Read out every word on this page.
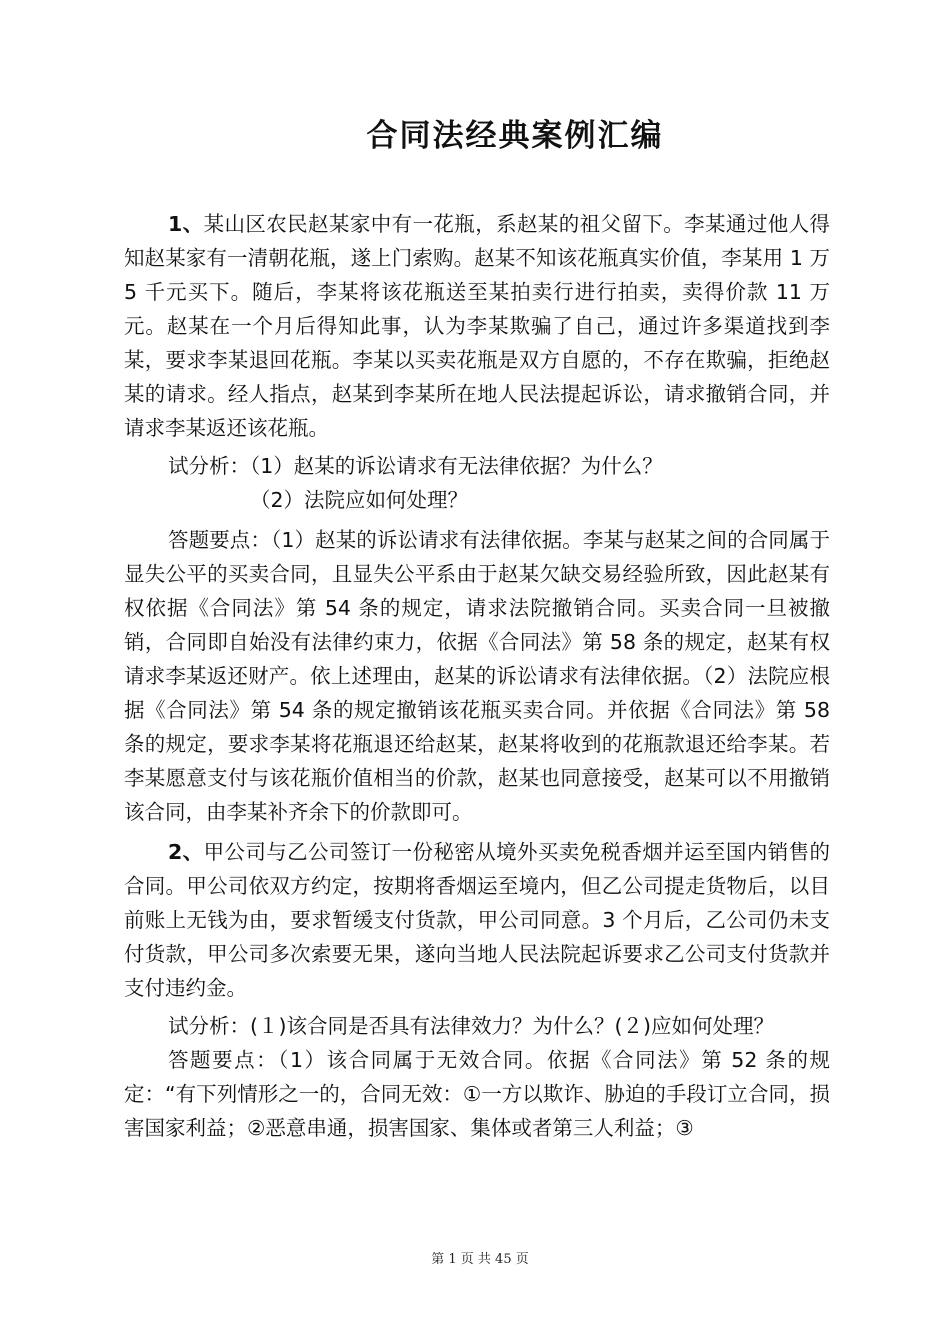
合同法经典案例汇编

1、某山区农民赵某家中有一花瓶，系赵某的祖父留下。李某通过他人得知赵某家有一清朝花瓶，遂上门索购。赵某不知该花瓶真实价值，李某用 1 万 5 千元买下。随后，李某将该花瓶送至某拍卖行进行拍卖，卖得价款 11 万元。赵某在一个月后得知此事，认为李某欺骗了自己，通过许多渠道找到李某，要求李某退回花瓶。李某以买卖花瓶是双方自愿的，不存在欺骗，拒绝赵某的请求。经人指点，赵某到李某所在地人民法提起诉讼，请求撤销合同，并请求李某返还该花瓶。

试分析：（1）赵某的诉讼请求有无法律依据？为什么？

（2）法院应如何处理？

答题要点：（1）赵某的诉讼请求有法律依据。李某与赵某之间的合同属于显失公平的买卖合同，且显失公平系由于赵某欠缺交易经验所致，因此赵某有权依据《合同法》第 54 条的规定，请求法院撤销合同。买卖合同一旦被撤销，合同即自始没有法律约束力，依据《合同法》第 58 条的规定，赵某有权请求李某返还财产。依上述理由，赵某的诉讼请求有法律依据。（2）法院应根据《合同法》第 54 条的规定撤销该花瓶买卖合同。并依据《合同法》第 58 条的规定，要求李某将花瓶退还给赵某，赵某将收到的花瓶款退还给李某。若李某愿意支付与该花瓶价值相当的价款，赵某也同意接受，赵某可以不用撤销该合同，由李某补齐余下的价款即可。

2、甲公司与乙公司签订一份秘密从境外买卖免税香烟并运至国内销售的合同。甲公司依双方约定，按期将香烟运至境内，但乙公司提走货物后，以目前账上无钱为由，要求暂缓支付货款，甲公司同意。3 个月后，乙公司仍未支付货款，甲公司多次索要无果，遂向当地人民法院起诉要求乙公司支付货款并支付违约金。

试分析：(１)该合同是否具有法律效力？为什么？(２)应如何处理？

答题要点：（1）该合同属于无效合同。依据《合同法》第 52 条的规定：“有下列情形之一的，合同无效：①一方以欺诈、胁迫的手段订立合同，损害国家利益；②恶意串通，损害国家、集体或者第三人利益；③

第 1 页 共 45 页
